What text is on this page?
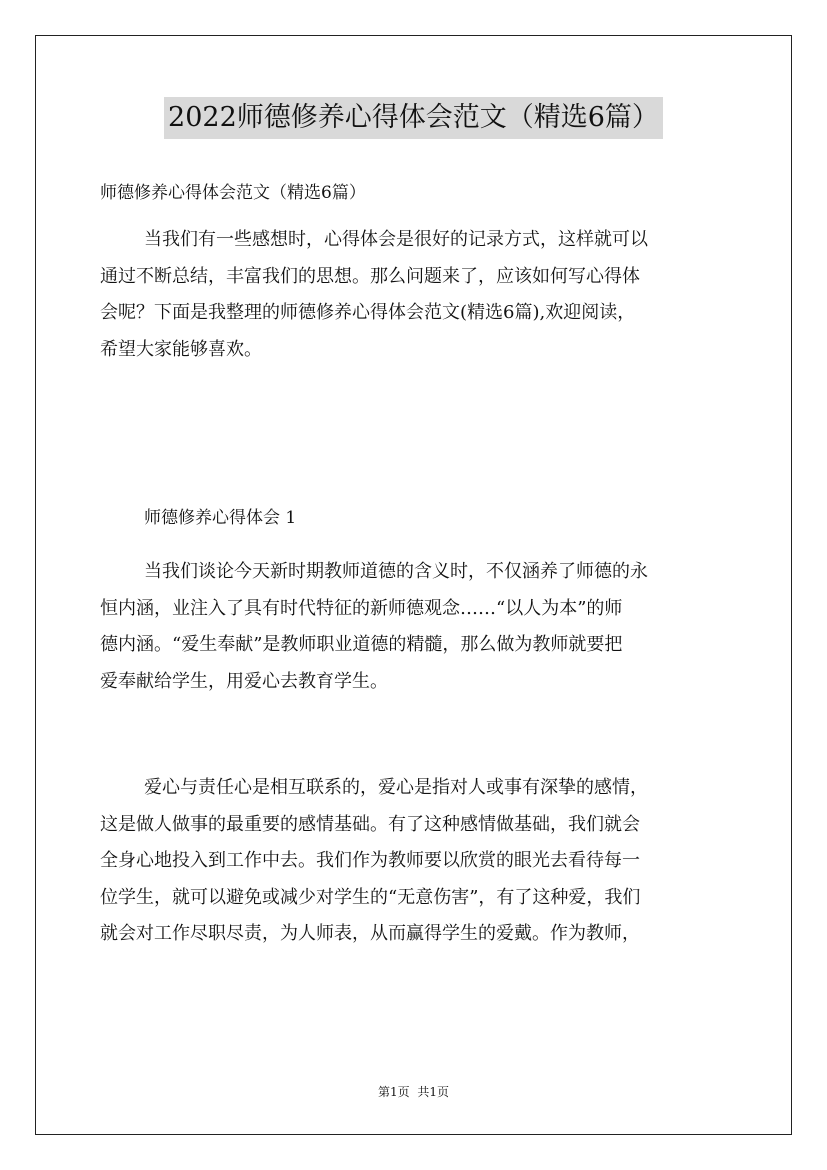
2022师德修养心得体会范文（精选6篇）
师德修养心得体会范文（精选6篇）
当我们有一些感想时，心得体会是很好的记录方式，这样就可以
通过不断总结，丰富我们的思想。那么问题来了，应该如何写心得体
会呢？下面是我整理的师德修养心得体会范文(精选6篇),欢迎阅读，
希望大家能够喜欢。
师德修养心得体会 1
当我们谈论今天新时期教师道德的含义时，不仅涵养了师德的永
恒内涵，业注入了具有时代特征的新师德观念……“以人为本”的师
德内涵。“爱生奉献”是教师职业道德的精髓，那么做为教师就要把
爱奉献给学生，用爱心去教育学生。
爱心与责任心是相互联系的，爱心是指对人或事有深挚的感情，
这是做人做事的最重要的感情基础。有了这种感情做基础，我们就会
全身心地投入到工作中去。我们作为教师要以欣赏的眼光去看待每一
位学生，就可以避免或减少对学生的“无意伤害”，有了这种爱，我们
就会对工作尽职尽责，为人师表，从而赢得学生的爱戴。作为教师，
第1页 共1页
